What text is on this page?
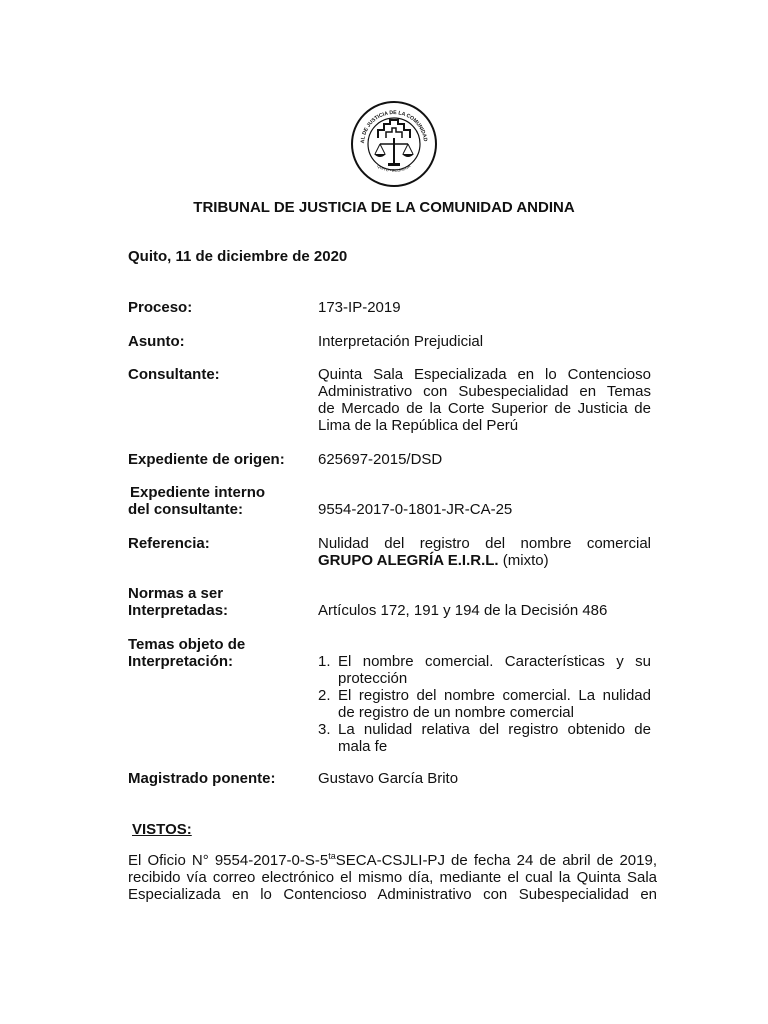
AL DE JUSTICIA DE LA COMUNIDAD
QUITO - ECUADOR
TRIBUNAL DE JUSTICIA DE LA COMUNIDAD ANDINA
Quito, 11 de diciembre de 2020
Proceso:	173-IP-2019
Asunto:	Interpretación Prejudicial
Consultante:	Quinta Sala Especializada en lo Contencioso
Administrativo con Subespecialidad en Temas
de Mercado de la Corte Superior de Justicia de
Lima de la República del Perú
Expediente de origen: 625697-2015/DSD
Expediente interno
del consultante:	9554-2017-0-1801-JR-CA-25
Referencia:	Nulidad del registro del nombre comercial
GRUPO ALEGRÍA E.I.R.L. (mixto)
Normas a ser
Interpretadas:	Artículos 172, 191 y 194 de la Decisión 486
Temas objeto de
Interpretación:	1. El nombre comercial. Características y su
protección
2. El registro del nombre comercial. La nulidad
de registro de un nombre comercial
3. La nulidad relativa del registro obtenido de
mala fe
Magistrado ponente:	Gustavo García Brito
VISTOS:
El Oficio N° $9554-2017-0-S-5^{ta}SECA-CSJLI-PJ$ de fecha 24 de abril de 2019,
recibido vía correo electrónico el mismo día, mediante el cual la Quinta Sala
Especializada en lo Contencioso Administrativo con Subespecialidad en
